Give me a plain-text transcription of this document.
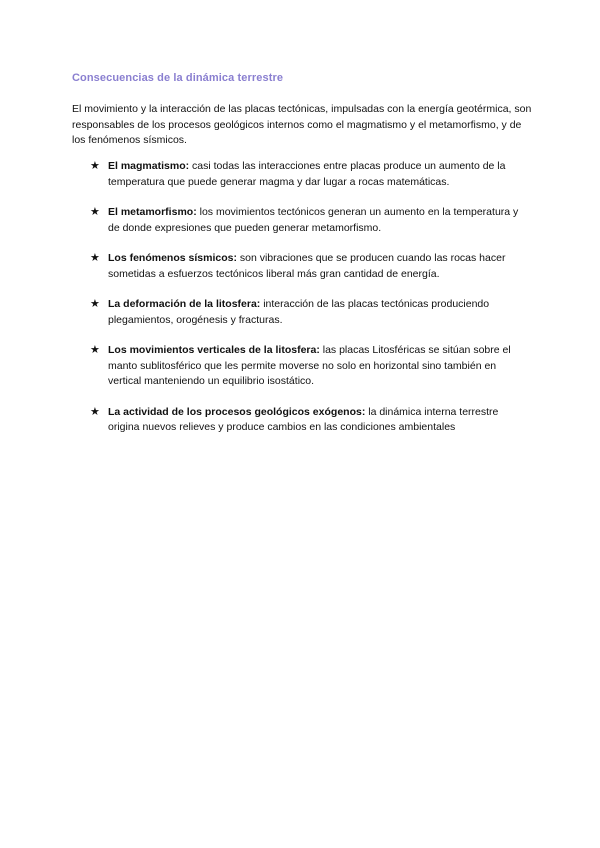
Consecuencias de la dinámica terrestre
El movimiento y la interacción de las placas tectónicas, impulsadas con la energía geotérmica, son responsables de los procesos geológicos internos como el magmatismo y el metamorfismo, y de los fenómenos sísmicos.
★ El magmatismo: casi todas las interacciones entre placas produce un aumento de la temperatura que puede generar magma y dar lugar a rocas matemáticas.
★ El metamorfismo: los movimientos tectónicos generan un aumento en la temperatura y de donde expresiones que pueden generar metamorfismo.
★ Los fenómenos sísmicos: son vibraciones que se producen cuando las rocas hacer sometidas a esfuerzos tectónicos liberal más gran cantidad de energía.
★ La deformación de la litosfera: interacción de las placas tectónicas produciendo plegamientos, orogénesis y fracturas.
★ Los movimientos verticales de la litosfera: las placas Litosféricas se sitúan sobre el manto sublitosférico que les permite moverse no solo en horizontal sino también en vertical manteniendo un equilibrio isostático.
★ La actividad de los procesos geológicos exógenos: la dinámica interna terrestre origina nuevos relieves y produce cambios en las condiciones ambientales
